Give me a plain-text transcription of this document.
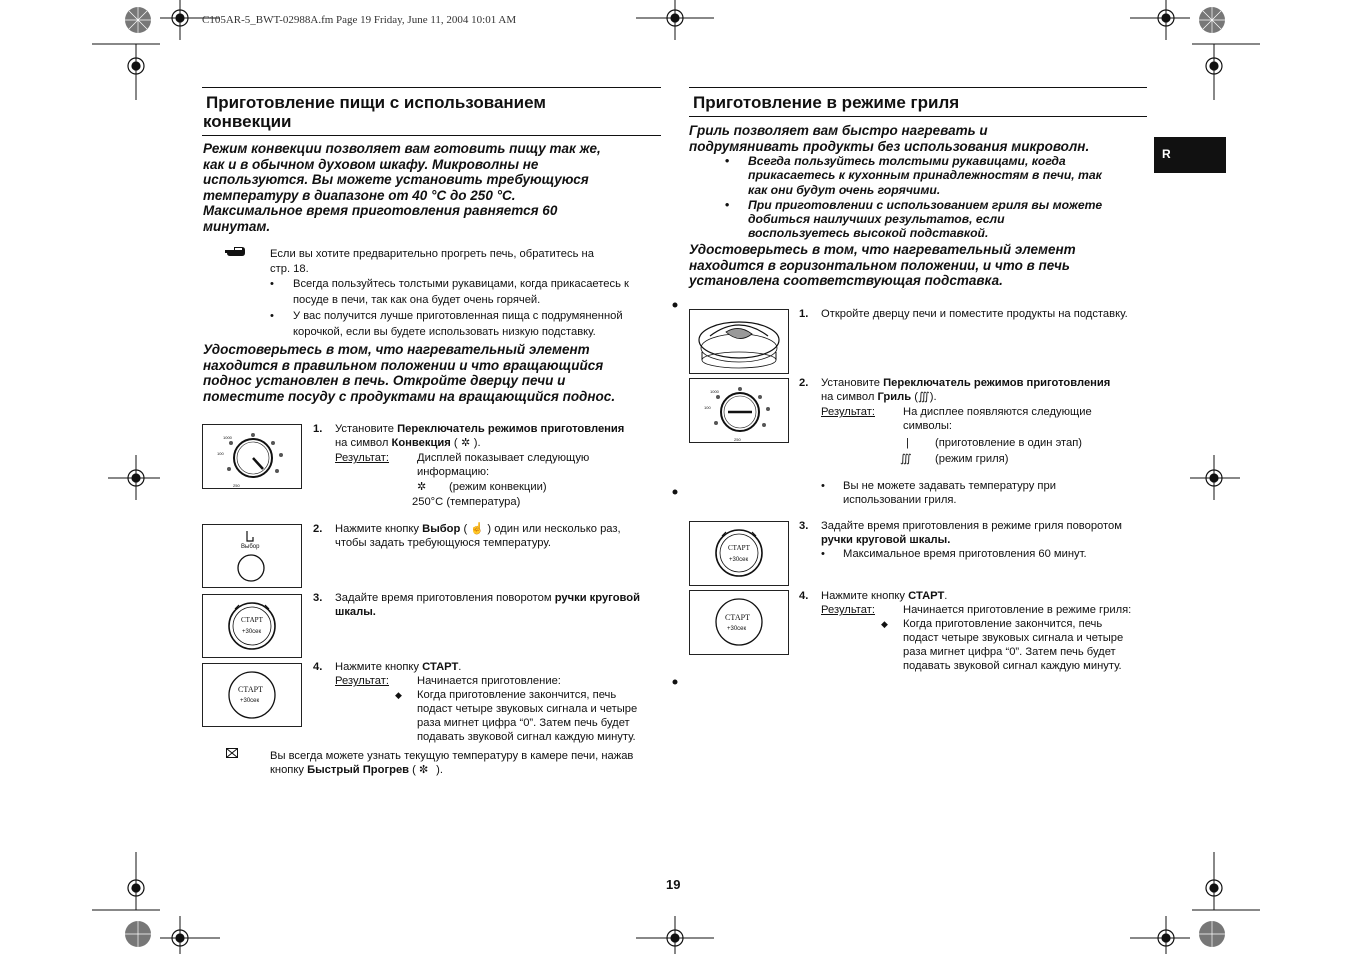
C105AR-5_BWT-02988A.fm Page 19 Friday, June 11, 2004 10:01 AM
R
Приготовление пищи с использованием
конвекции
Режим конвекции позволяет вам готовить пищу так же,
как и в обычном духовом шкафу. Микроволны не
используются. Вы можете установить требующуюся
температуру в диапазоне от 40 °C до 250 °C.
Максимальное время приготовления равняется 60
минутам.
Если вы хотите предварительно прогреть печь, обратитесь на
стр. 18.
• Всегда пользуйтесь толстыми рукавицами, когда прикасаетесь к
посуде в печи, так как она будет очень горячей.
• У вас получится лучше приготовленная пища с подрумяненной
корочкой, если вы будете использовать низкую подставку.
Удостоверьтесь в том, что нагревательный элемент
находится в правильном положении и что вращающийся
поднос установлен в печь. Откройте дверцу печи и
поместите посуду с продуктами на вращающийся поднос.
1000
100
250
Выбор
СТАРТ
+30сек
СТАРТ
+30сек
1. Установите Переключатель режимов приготовления
на символ Конвекция ( ✲ ).
Результат:	Дисплей показывает следующую
информацию:
✲ (режим конвекции)
250°C (температура)
2. Нажмите кнопку Выбор ( ☝ ) один или несколько раз,
чтобы задать требующуюся температуру.
3. Задайте время приготовления поворотом ручки круговой
шкалы.
4. Нажмите кнопку СТАРТ.
Результат:	Начинается приготовление:
◆ Когда приготовление закончится, печь
подаст четыре звуковых сигнала и четыре
раза мигнет цифра “0”. Затем печь будет
подавать звуковой сигнал каждую минуту.
Вы всегда можете узнать текущую температуру в камере печи, нажав
кнопку Быстрый Прогрев ( ✼ ).
Приготовление в режиме гриля
Гриль позволяет вам быстро нагревать и
подрумянивать продукты без использования микроволн.
• Всегда пользуйтесь толстыми рукавицами, когда
прикасаетесь к кухонным принадлежностям в печи, так
как они будут очень горячими.
• При приготовлении с использованием гриля вы можете
добиться наилучших результатов, если
воспользуетесь высокой подставкой.
Удостоверьтесь в том, что нагревательный элемент
находится в горизонтальном положении, и что в печь
установлена соответствующая подставка.
1000
100
250
СТАРТ
+30сек
СТАРТ
+30сек
1.	Откройте дверцу печи и поместите продукты на подставку.
2. Установите Переключатель режимов приготовления
на символ Гриль (∭).
Результат:	На дисплее появляются следующие
символы:
| (приготовление в один этап)
∭ (режим гриля)
• Вы не можете задавать температуру при
использовании гриля.
3. Задайте время приготовления в режиме гриля поворотом
ручки круговой шкалы.
• Максимальное время приготовления 60 минут.
4. Нажмите кнопку СТАРТ.
Результат:	Начинается приготовление в режиме гриля:
◆ Когда приготовление закончится, печь
подаст четыре звуковых сигнала и четыре
раза мигнет цифра “0”. Затем печь будет
подавать звуковой сигнал каждую минуту.
19
